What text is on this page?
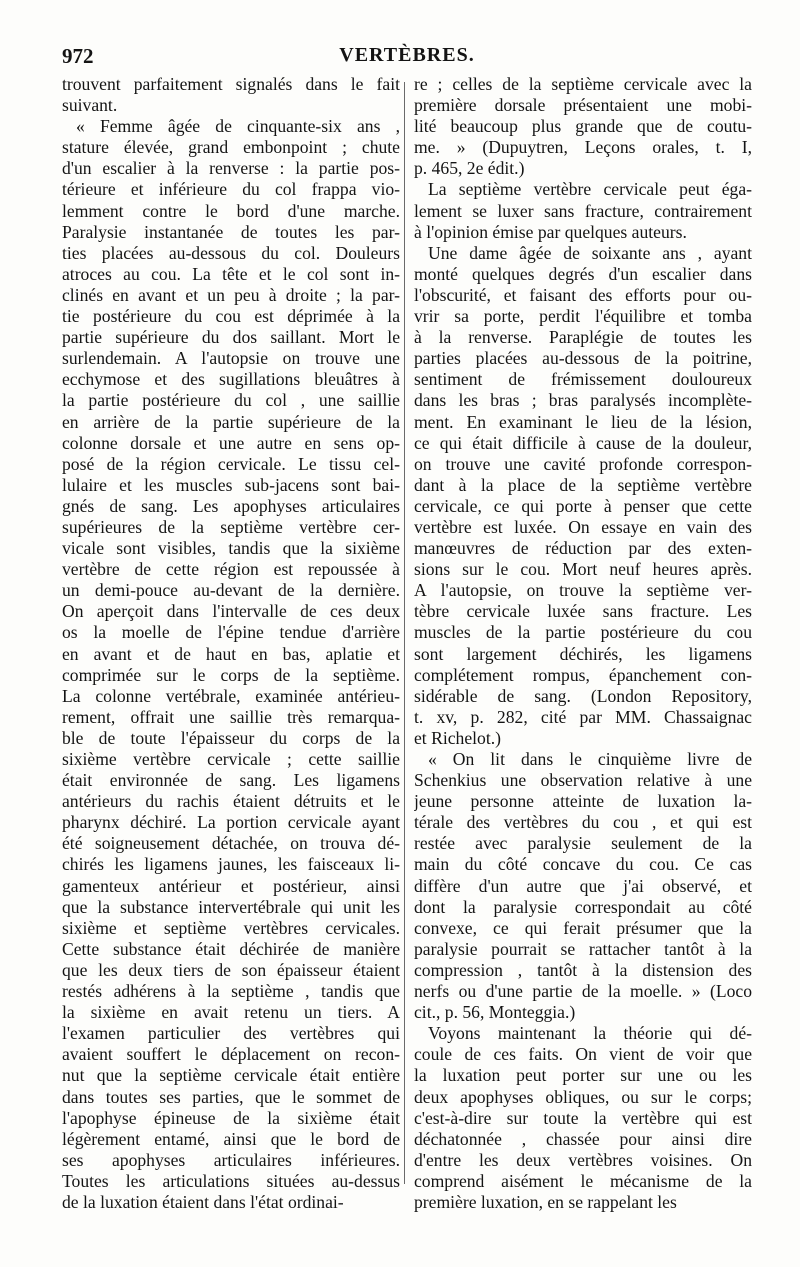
972	VERTÈBRES.
trouvent parfaitement signalés dans le fait
suivant.
« Femme âgée de cinquante-six ans ,
stature élevée, grand embonpoint ; chute
d'un escalier à la renverse : la partie pos-
térieure et inférieure du col frappa vio-
lemment contre le bord d'une marche.
Paralysie instantanée de toutes les par-
ties placées au-dessous du col. Douleurs
atroces au cou. La tête et le col sont in-
clinés en avant et un peu à droite ; la par-
tie postérieure du cou est déprimée à la
partie supérieure du dos saillant. Mort le
surlendemain. A l'autopsie on trouve une
ecchymose et des sugillations bleuâtres à
la partie postérieure du col , une saillie
en arrière de la partie supérieure de la
colonne dorsale et une autre en sens op-
posé de la région cervicale. Le tissu cel-
lulaire et les muscles sub-jacens sont bai-
gnés de sang. Les apophyses articulaires
supérieures de la septième vertèbre cer-
vicale sont visibles, tandis que la sixième
vertèbre de cette région est repoussée à
un demi-pouce au-devant de la dernière.
On aperçoit dans l'intervalle de ces deux
os la moelle de l'épine tendue d'arrière
en avant et de haut en bas, aplatie et
comprimée sur le corps de la septième.
La colonne vertébrale, examinée antérieu-
rement, offrait une saillie très remarqua-
ble de toute l'épaisseur du corps de la
sixième vertèbre cervicale ; cette saillie
était environnée de sang. Les ligamens
antérieurs du rachis étaient détruits et le
pharynx déchiré. La portion cervicale ayant
été soigneusement détachée, on trouva dé-
chirés les ligamens jaunes, les faisceaux li-
gamenteux antérieur et postérieur, ainsi
que la substance intervertébrale qui unit les
sixième et septième vertèbres cervicales.
Cette substance était déchirée de manière
que les deux tiers de son épaisseur étaient
restés adhérens à la septième , tandis que
la sixième en avait retenu un tiers. A
l'examen particulier des vertèbres qui
avaient souffert le déplacement on recon-
nut que la septième cervicale était entière
dans toutes ses parties, que le sommet de
l'apophyse épineuse de la sixième était
légèrement entamé, ainsi que le bord de
ses apophyses articulaires inférieures.
Toutes les articulations situées au-dessus
de la luxation étaient dans l'état ordinai-
re ; celles de la septième cervicale avec la
première dorsale présentaient une mobi-
lité beaucoup plus grande que de coutu-
me. » (Dupuytren, Leçons orales, t. I,
p. 465, 2e édit.)
La septième vertèbre cervicale peut éga-
lement se luxer sans fracture, contrairement
à l'opinion émise par quelques auteurs.
Une dame âgée de soixante ans , ayant
monté quelques degrés d'un escalier dans
l'obscurité, et faisant des efforts pour ou-
vrir sa porte, perdit l'équilibre et tomba
à la renverse. Paraplégie de toutes les
parties placées au-dessous de la poitrine,
sentiment de frémissement douloureux
dans les bras ; bras paralysés incomplète-
ment. En examinant le lieu de la lésion,
ce qui était difficile à cause de la douleur,
on trouve une cavité profonde correspon-
dant à la place de la septième vertèbre
cervicale, ce qui porte à penser que cette
vertèbre est luxée. On essaye en vain des
manœuvres de réduction par des exten-
sions sur le cou. Mort neuf heures après.
A l'autopsie, on trouve la septième ver-
tèbre cervicale luxée sans fracture. Les
muscles de la partie postérieure du cou
sont largement déchirés, les ligamens
complétement rompus, épanchement con-
sidérable de sang. (London Repository,
t. xv, p. 282, cité par MM. Chassaignac
et Richelot.)
« On lit dans le cinquième livre de
Schenkius une observation relative à une
jeune personne atteinte de luxation la-
térale des vertèbres du cou , et qui est
restée avec paralysie seulement de la
main du côté concave du cou. Ce cas
diffère d'un autre que j'ai observé, et
dont la paralysie correspondait au côté
convexe, ce qui ferait présumer que la
paralysie pourrait se rattacher tantôt à la
compression , tantôt à la distension des
nerfs ou d'une partie de la moelle. » (Loco
cit., p. 56, Monteggia.)
Voyons maintenant la théorie qui dé-
coule de ces faits. On vient de voir que
la luxation peut porter sur une ou les
deux apophyses obliques, ou sur le corps;
c'est-à-dire sur toute la vertèbre qui est
déchatonnée , chassée pour ainsi dire
d'entre les deux vertèbres voisines. On
comprend aisément le mécanisme de la
première luxation, en se rappelant les
